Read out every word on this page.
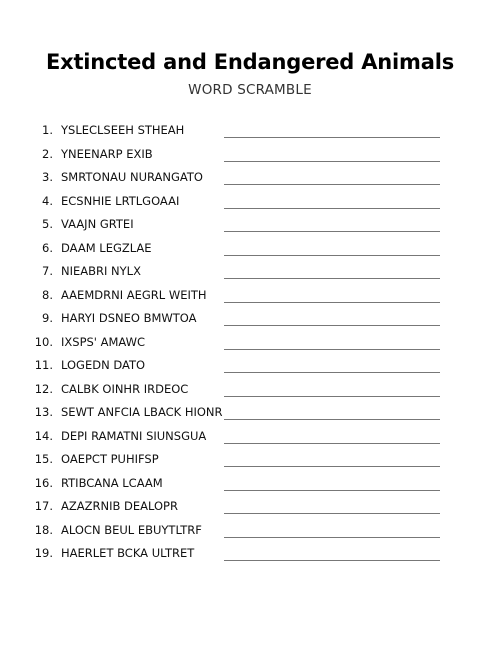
Extincted and Endangered Animals
WORD SCRAMBLE
1. YSLECLSEEH STHEAH
2. YNEENARP EXIB
3. SMRTONAU NURANGATO
4. ECSNHIE LRTLGOAAI
5. VAAJN GRTEI
6. DAAM LEGZLAE
7. NIEABRI NYLX
8. AAEMDRNI AEGRL WEITH
9. HARYI DSNEO BMWTOA
10. IXSPS' AMAWC
11. LOGEDN DATO
12. CALBK OINHR IRDEOC
13. SEWT ANFCIA LBACK HIONR
14. DEPI RAMATNI SIUNSGUA
15. OAEPCT PUHIFSP
16. RTIBCANA LCAAM
17. AZAZRNIB DEALOPR
18. ALOCN BEUL EBUYTLTRF
19. HAERLET BCKA ULTRET
